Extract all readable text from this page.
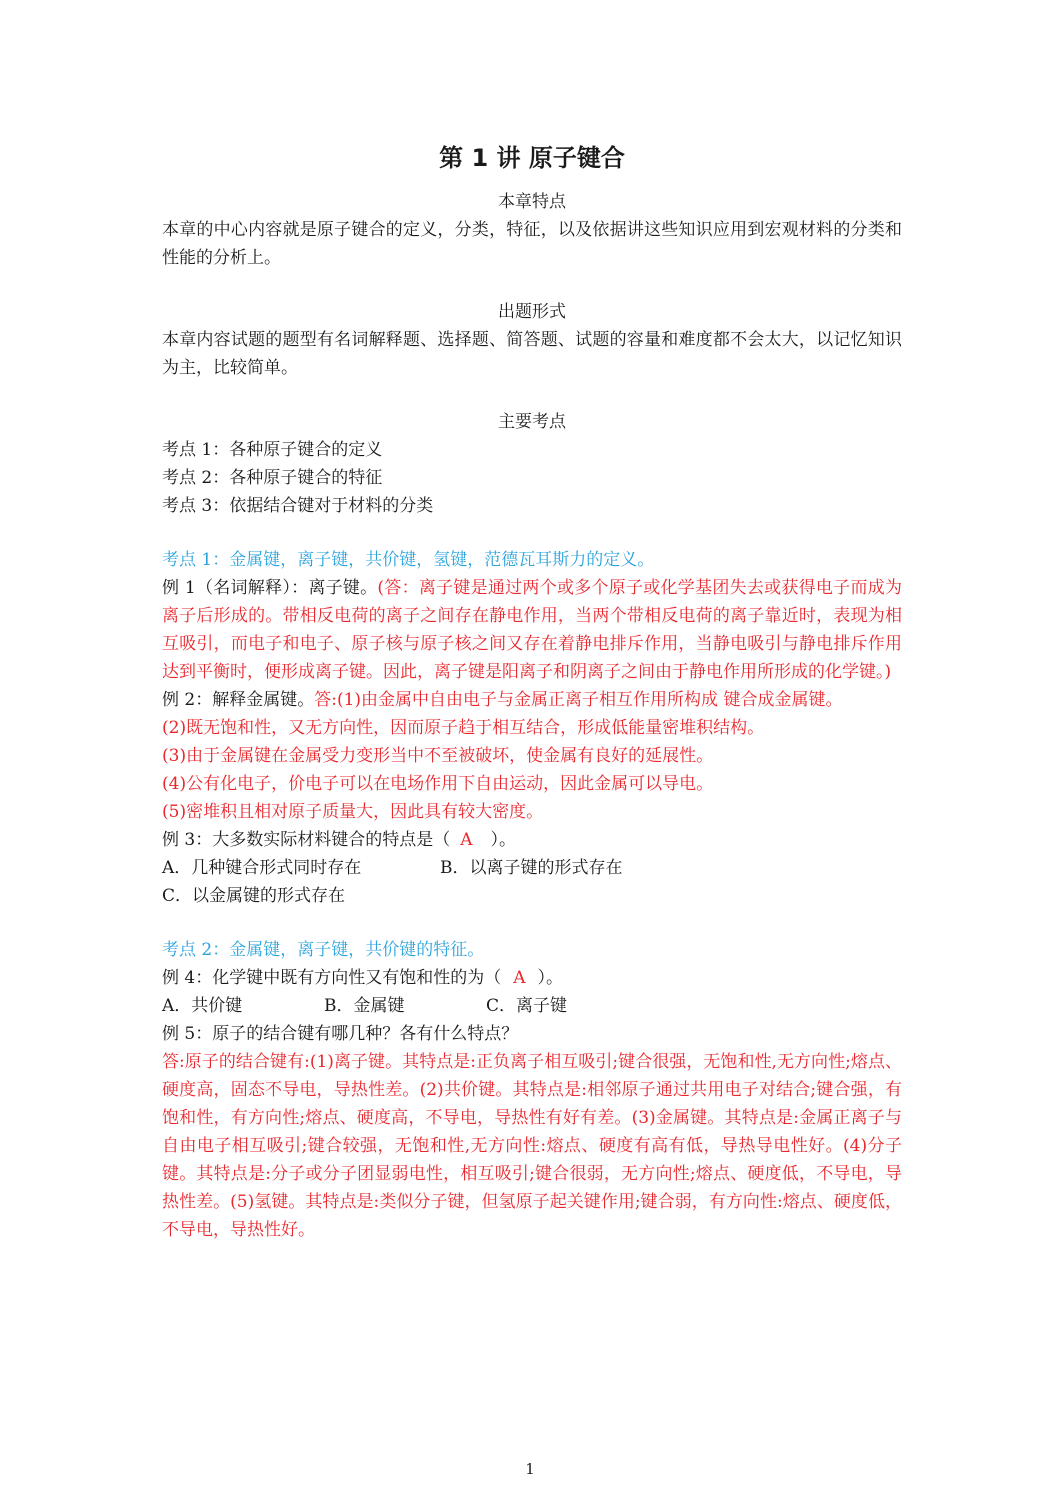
第 1 讲 原子键合

本章特点

本章的中心内容就是原子键合的定义，分类，特征，以及依据讲这些知识应用到宏观材料的分类和性能的分析上。

出题形式

本章内容试题的题型有名词解释题、选择题、简答题、试题的容量和难度都不会太大，以记忆知识为主，比较简单。

主要考点

考点 1：各种原子键合的定义

考点 2：各种原子键合的特征

考点 3：依据结合键对于材料的分类

考点 1：金属键，离子键，共价键，氢键，范德瓦耳斯力的定义。

例 1（名词解释）：离子键。(答：离子键是通过两个或多个原子或化学基团失去或获得电子而成为离子后形成的。带相反电荷的离子之间存在静电作用，当两个带相反电荷的离子靠近时，表现为相互吸引，而电子和电子、原子核与原子核之间又存在着静电排斥作用，当静电吸引与静电排斥作用达到平衡时，便形成离子键。因此，离子键是阳离子和阴离子之间由于静电作用所形成的化学键。)

例 2：解释金属键。答:(1)由金属中自由电子与金属正离子相互作用所构成 键合成金属键。

(2)既无饱和性，又无方向性，因而原子趋于相互结合，形成低能量密堆积结构。

(3)由于金属键在金属受力变形当中不至被破坏，使金属有良好的延展性。

(4)公有化电子，价电子可以在电场作用下自由运动，因此金属可以导电。

(5)密堆积且相对原子质量大，因此具有较大密度。

例 3：大多数实际材料键合的特点是（ A ）。

A．几种键合形式同时存在	B．以离子键的形式存在
C．以金属键的形式存在

考点 2：金属键，离子键，共价键的特征。

例 4：化学键中既有方向性又有饱和性的为（ A ）。

A．共价键	B．金属键	C．离子键

例 5：原子的结合键有哪几种？各有什么特点？

答:原子的结合键有:(1)离子键。其特点是:正负离子相互吸引;键合很强，无饱和性,无方向性;熔点、硬度高，固态不导电，导热性差。(2)共价键。其特点是:相邻原子通过共用电子对结合;键合强，有饱和性，有方向性;熔点、硬度高，不导电，导热性有好有差。(3)金属键。其特点是:金属正离子与自由电子相互吸引;键合较强，无饱和性,无方向性:熔点、硬度有高有低，导热导电性好。(4)分子键。其特点是:分子或分子团显弱电性，相互吸引;键合很弱，无方向性;熔点、硬度低，不导电，导热性差。(5)氢键。其特点是:类似分子键，但氢原子起关键作用;键合弱，有方向性:熔点、硬度低，不导电，导热性好。

1
